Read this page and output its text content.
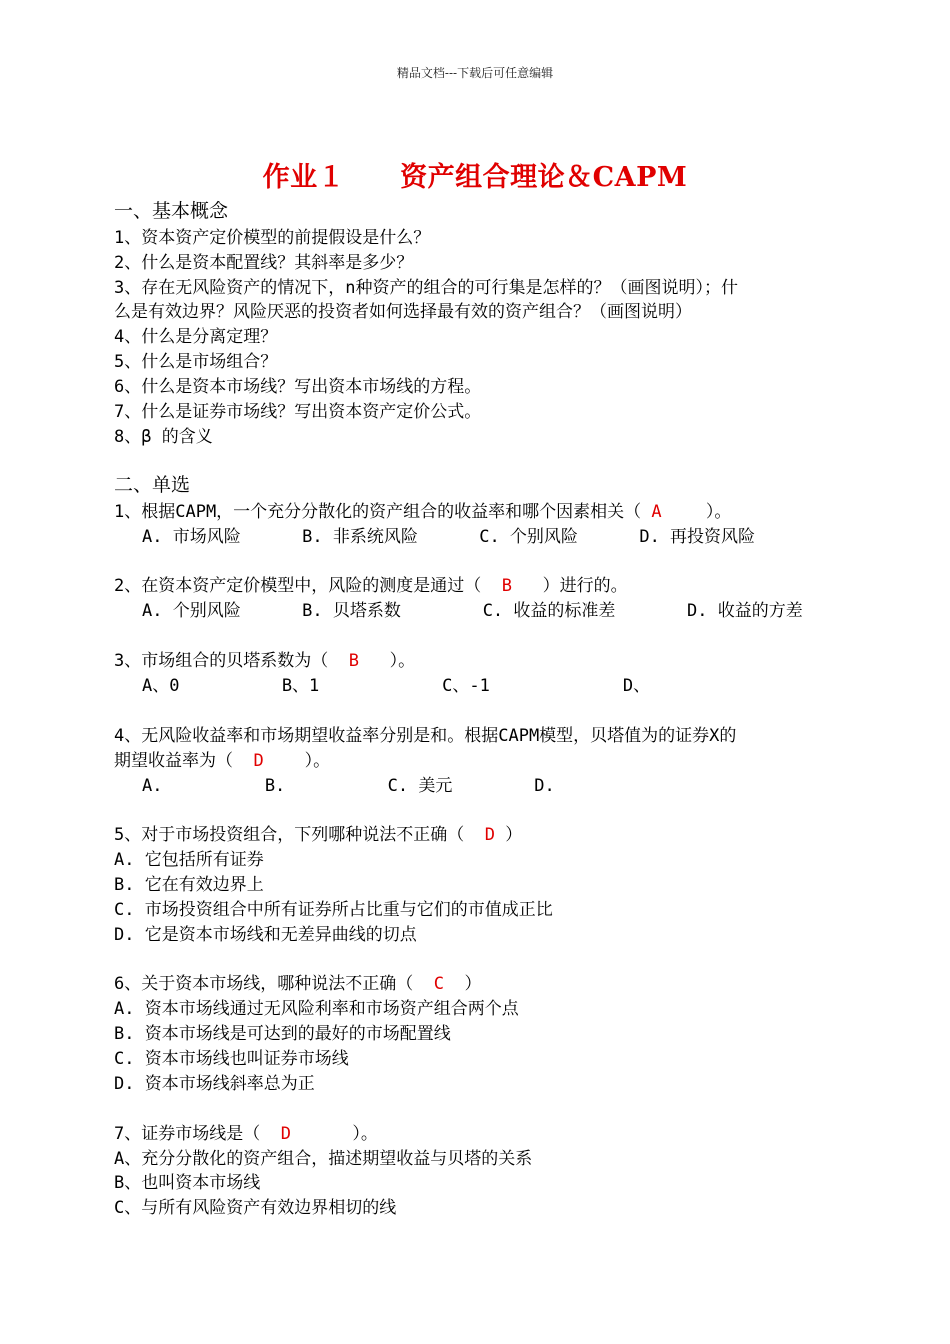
精品文档---下载后可任意编辑
作业１　　资产组合理论＆CAPM
一、基本概念
1、资本资产定价模型的前提假设是什么？
2、什么是资本配置线？其斜率是多少？
3、存在无风险资产的情况下，n种资产的组合的可行集是怎样的？（画图说明）；什
么是有效边界？风险厌恶的投资者如何选择最有效的资产组合？（画图说明）
4、什么是分离定理？
5、什么是市场组合？
6、什么是资本市场线？写出资本市场线的方程。
7、什么是证券市场线？写出资本资产定价公式。
8、β 的含义
二、单选
1、根据CAPM，一个充分分散化的资产组合的收益率和哪个因素相关（ A　　 ）。
A. 市场风险      B. 非系统风险      C. 个别风险      D. 再投资风险
2、在资本资产定价模型中，风险的测度是通过（  B   ）进行的。
A. 个别风险      B. 贝塔系数        C. 收益的标准差       D. 收益的方差
3、市场组合的贝塔系数为（  B   ）。
A、0          B、1            C、-1             D、
4、无风险收益率和市场期望收益率分别是和。根据CAPM模型，贝塔值为的证券X的
期望收益率为（  D    ）。
A.          B.          C. 美元        D.
5、对于市场投资组合，下列哪种说法不正确（  D ）
A. 它包括所有证券
B. 它在有效边界上
C. 市场投资组合中所有证券所占比重与它们的市值成正比
D. 它是资本市场线和无差异曲线的切点
6、关于资本市场线，哪种说法不正确（  C  ）
A. 资本市场线通过无风险利率和市场资产组合两个点
B. 资本市场线是可达到的最好的市场配置线
C. 资本市场线也叫证券市场线
D. 资本市场线斜率总为正
7、证券市场线是（  D      ）。
A、充分分散化的资产组合，描述期望收益与贝塔的关系
B、也叫资本市场线
C、与所有风险资产有效边界相切的线
